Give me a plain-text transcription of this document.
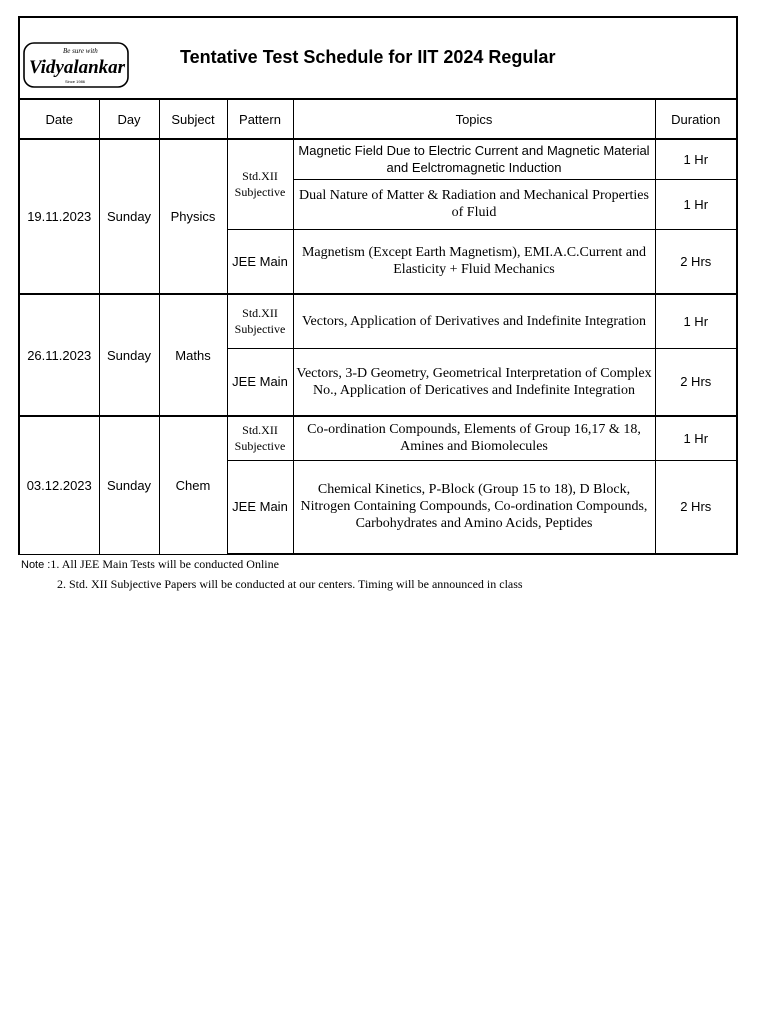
Be sure with
Vidyalankar
Since 1986
Tentative Test Schedule for IIT 2024 Regular					

Date	Day	Subject	Pattern	Topics	Duration
19.11.2023	Sunday	Physics	Std.XII Subjective	Magnetic Field Due to Electric Current and Magnetic Material and Eelctromagnetic Induction	1 Hr
				Dual Nature of Matter & Radiation and Mechanical Properties of Fluid	1 Hr
			JEE Main	Magnetism (Except Earth Magnetism), EMI.A.C.Current and Elasticity + Fluid Mechanics	2 Hrs
26.11.2023	Sunday	Maths	Std.XII Subjective	Vectors, Application of Derivatives and Indefinite Integration	1 Hr
			JEE Main	Vectors, 3-D Geometry, Geometrical Interpretation of Complex No., Application of Dericatives and Indefinite Integration	2 Hrs
03.12.2023	Sunday	Chem	Std.XII Subjective	Co-ordination Compounds, Elements of Group 16,17 & 18, Amines and Biomolecules	1 Hr
			JEE Main	Chemical Kinetics, P-Block (Group 15 to 18), D Block, Nitrogen Containing Compounds, Co-ordination Compounds, Carbohydrates and Amino Acids, Peptides	2 Hrs
Note :1. All JEE Main Tests will be conducted Online
2. Std. XII Subjective Papers will be conducted at our centers. Timing will be announced in class
